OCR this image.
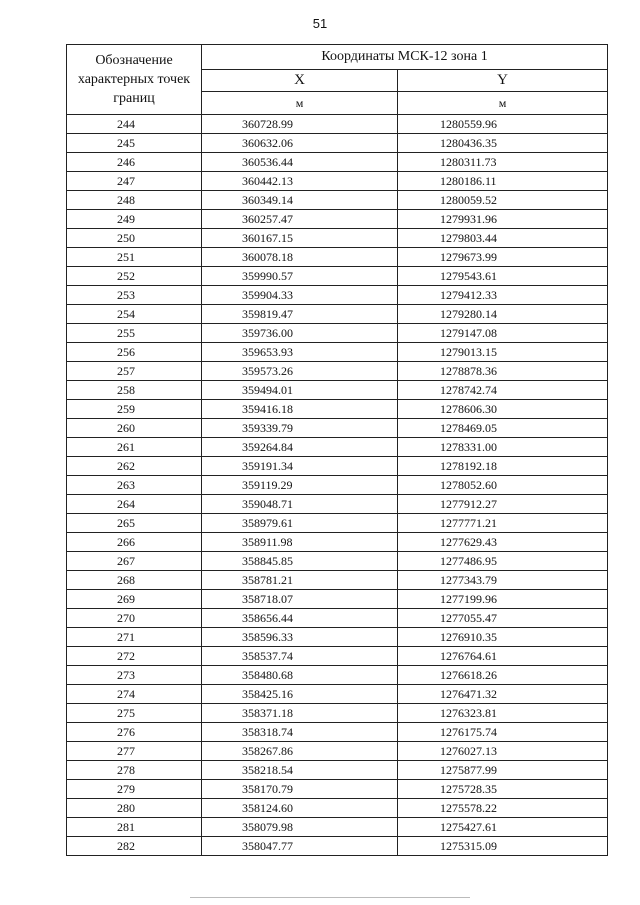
51
Обозначение характерных точек границ	Координаты МСК-12 зона 1	
	X	Y
	м	м
244	360728.99	1280559.96
245	360632.06	1280436.35
246	360536.44	1280311.73
247	360442.13	1280186.11
248	360349.14	1280059.52
249	360257.47	1279931.96
250	360167.15	1279803.44
251	360078.18	1279673.99
252	359990.57	1279543.61
253	359904.33	1279412.33
254	359819.47	1279280.14
255	359736.00	1279147.08
256	359653.93	1279013.15
257	359573.26	1278878.36
258	359494.01	1278742.74
259	359416.18	1278606.30
260	359339.79	1278469.05
261	359264.84	1278331.00
262	359191.34	1278192.18
263	359119.29	1278052.60
264	359048.71	1277912.27
265	358979.61	1277771.21
266	358911.98	1277629.43
267	358845.85	1277486.95
268	358781.21	1277343.79
269	358718.07	1277199.96
270	358656.44	1277055.47
271	358596.33	1276910.35
272	358537.74	1276764.61
273	358480.68	1276618.26
274	358425.16	1276471.32
275	358371.18	1276323.81
276	358318.74	1276175.74
277	358267.86	1276027.13
278	358218.54	1275877.99
279	358170.79	1275728.35
280	358124.60	1275578.22
281	358079.98	1275427.61
282	358047.77	1275315.09
